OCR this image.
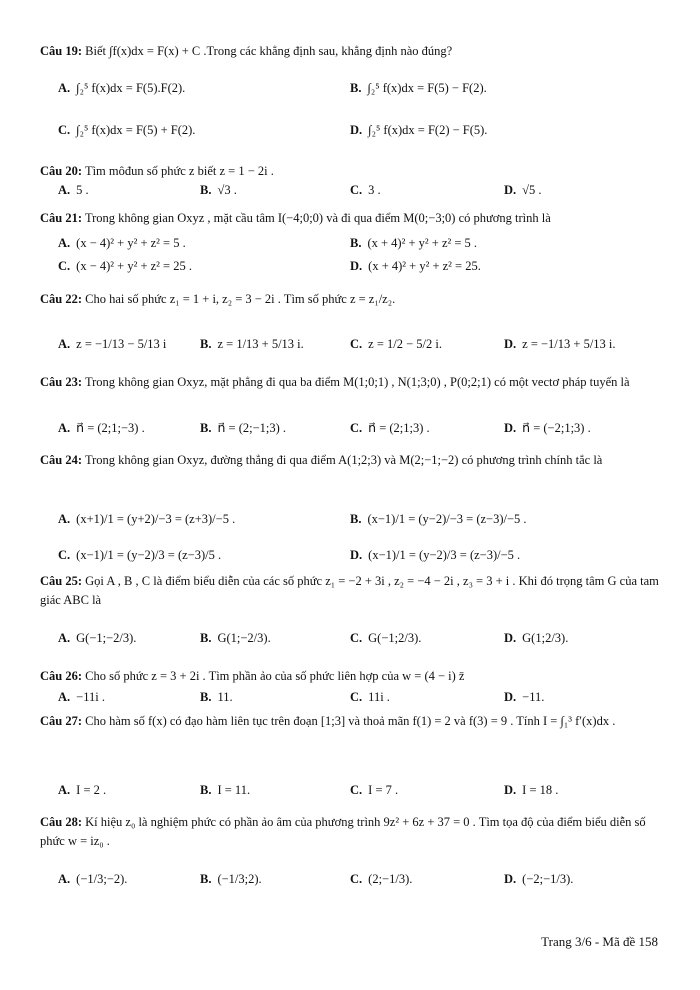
Câu 19: Biết ∫f(x)dx = F(x) + C .Trong các khẳng định sau, khẳng định nào đúng?
A. ∫₂⁵ f(x)dx = F(5).F(2).	B. ∫₂⁵ f(x)dx = F(5) − F(2).
C. ∫₂⁵ f(x)dx = F(5) + F(2).	D. ∫₂⁵ f(x)dx = F(2) − F(5).
Câu 20: Tìm môđun số phức z biết z = 1 − 2i .
A. 5 .	B. √3 .	C. 3 .	D. √5 .
Câu 21: Trong không gian Oxyz , mặt cầu tâm I(−4;0;0) và đi qua điểm M(0;−3;0) có phương trình là
A. (x − 4)² + y² + z² = 5 .	B. (x + 4)² + y² + z² = 5 .
C. (x − 4)² + y² + z² = 25 .	D. (x + 4)² + y² + z² = 25.
Câu 22: Cho hai số phức z₁ = 1 + i, z₂ = 3 − 2i . Tìm số phức z = z₁/z₂.
A. z = −1/13 − 5/13 i	B. z = 1/13 + 5/13 i.	C. z = 1/2 − 5/2 i.	D. z = −1/13 + 5/13 i.
Câu 23: Trong không gian Oxyz, mặt phẳng đi qua ba điểm M(1;0;1) , N(1;3;0) , P(0;2;1) có một vectơ pháp tuyến là
A. n⃗ = (2;1;−3) .	B. n⃗ = (2;−1;3) .	C. n⃗ = (2;1;3) .	D. n⃗ = (−2;1;3) .
Câu 24: Trong không gian Oxyz, đường thẳng đi qua điểm A(1;2;3) và M(2;−1;−2) có phương trình chính tắc là
A. (x+1)/1 = (y+2)/−3 = (z+3)/−5 .	B. (x−1)/1 = (y−2)/−3 = (z−3)/−5 .
C. (x−1)/1 = (y−2)/3 = (z−3)/5 .	D. (x−1)/1 = (y−2)/3 = (z−3)/−5 .
Câu 25: Gọi A , B , C là điểm biểu diễn của các số phức z₁ = −2 + 3i , z₂ = −4 − 2i , z₃ = 3 + i . Khi đó trọng tâm G của tam giác ABC là
A. G(−1;−2/3).	B. G(1;−2/3).	C. G(−1;2/3).	D. G(1;2/3).
Câu 26: Cho số phức z = 3 + 2i . Tìm phần ảo của số phức liên hợp của w = (4 − i) z̄
A. −11i .	B. 11.	C. 11i .	D. −11.
Câu 27: Cho hàm số f(x) có đạo hàm liên tục trên đoạn [1;3] và thoả mãn f(1) = 2 và f(3) = 9 . Tính I = ∫₁³ f′(x)dx .
A. I = 2 .	B. I = 11.	C. I = 7 .	D. I = 18 .
Câu 28: Kí hiệu z₀ là nghiệm phức có phần ảo âm của phương trình 9z² + 6z + 37 = 0 . Tìm tọa độ của điểm biểu diễn số phức w = iz₀ .
A. (−1/3;−2).	B. (−1/3;2).	C. (2;−1/3).	D. (−2;−1/3).
Trang 3/6 - Mã đề 158
